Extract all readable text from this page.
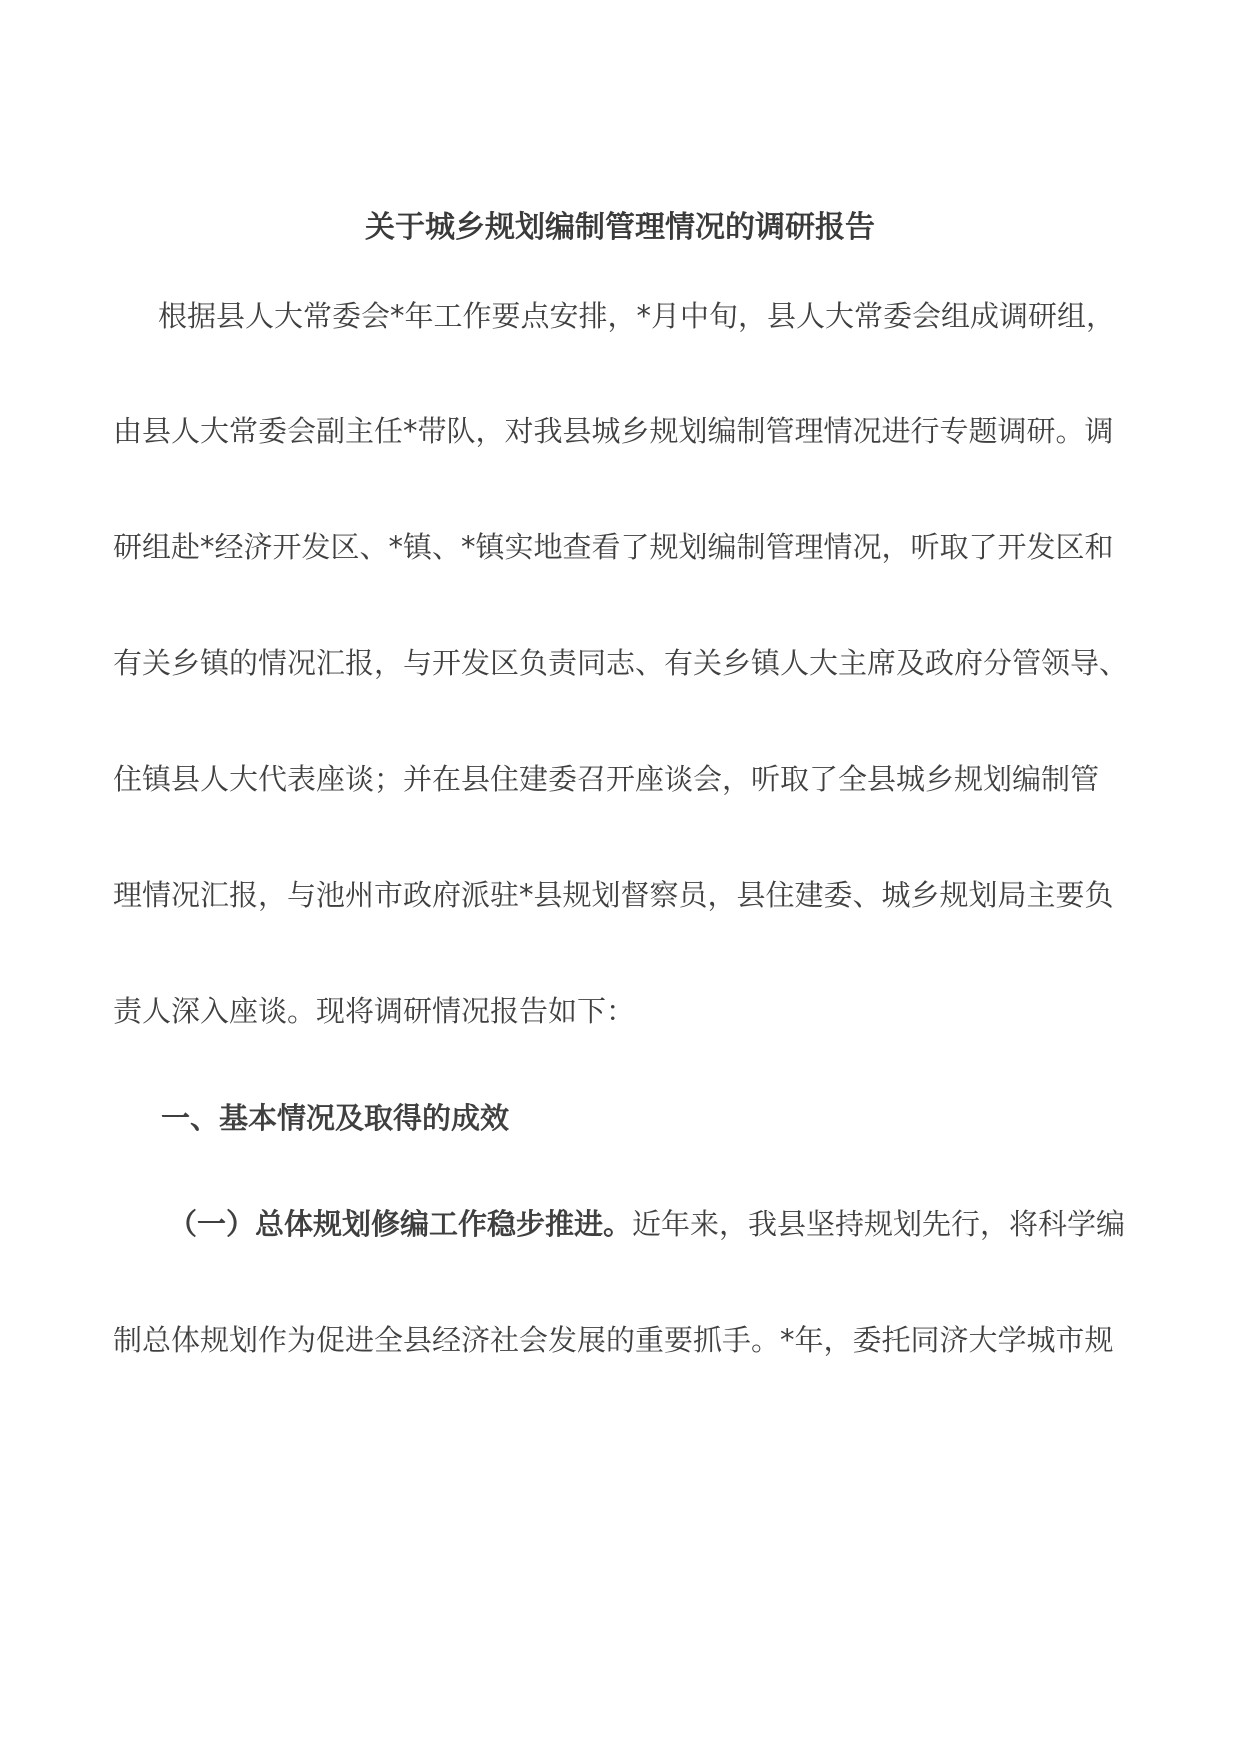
关于城乡规划编制管理情况的调研报告

根据县人大常委会*年工作要点安排，*月中旬，县人大常委会组成调研组，

由县人大常委会副主任*带队，对我县城乡规划编制管理情况进行专题调研。调

研组赴*经济开发区、*镇、*镇实地查看了规划编制管理情况，听取了开发区和

有关乡镇的情况汇报，与开发区负责同志、有关乡镇人大主席及政府分管领导、

住镇县人大代表座谈；并在县住建委召开座谈会，听取了全县城乡规划编制管

理情况汇报，与池州市政府派驻*县规划督察员，县住建委、城乡规划局主要负

责人深入座谈。现将调研情况报告如下：

一、基本情况及取得的成效

（一）总体规划修编工作稳步推进。近年来，我县坚持规划先行，将科学编

制总体规划作为促进全县经济社会发展的重要抓手。*年，委托同济大学城市规
